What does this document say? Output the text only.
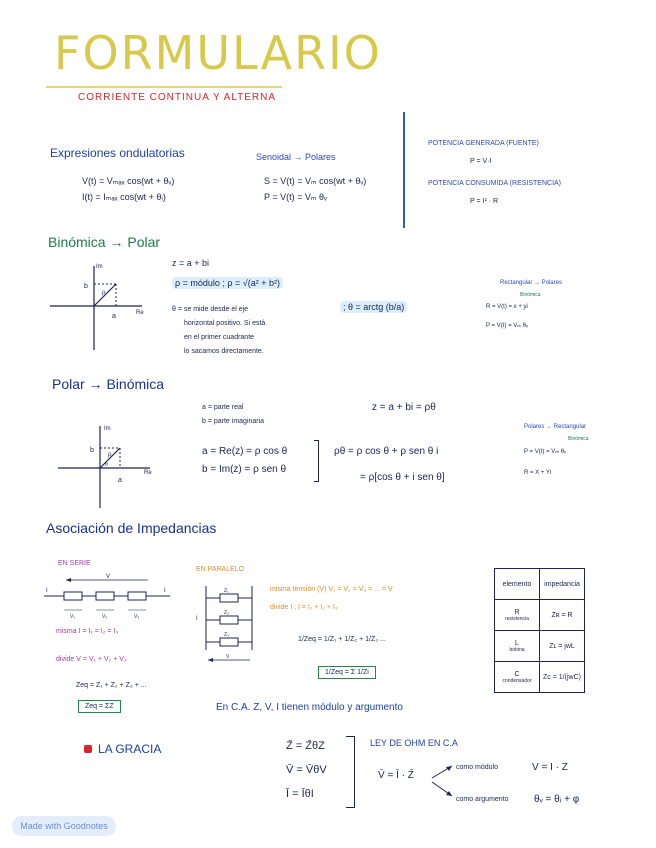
FORMULARIO
CORRIENTE CONTINUA Y ALTERNA
Expresiones ondulatorias
V(t) = Vₘₐₓ cos(wt + θᵥ)
I(t) = Iₘₐₓ cos(wt + θᵢ)
Senoidal → Polares
S = V(t) = Vₘ cos(wt + θᵥ)
P = V(t) = Vₘ θᵥ
POTENCIA GENERADA (FUENTE)
P = V·I
POTENCIA CONSUMIDA (RESISTENCIA)
P = I² · R
Binómica → Polar
Im
Re
b
a
ρ
z = a + bi
ρ = módulo ; ρ = √(a² + b²)
θ = se mide desde el eje
horizontal positivo. Si está
en el primer cuadrante
lo sacamos directamente.
; θ = arctg (b/a)
Rectangular → Polares
Binómica
R = V(t) = x + yi
P = V(t) = Vₘ θᵥ
Polar → Binómica
Im
Re
b
a
ρ
θ
a = parte real
b = parte imaginaria
z = a + bi = ρθ
a = Re(z) = ρ cos θ
b = Im(z) = ρ sen θ
ρθ = ρ cos θ + ρ sen θ i
= ρ[cos θ + i sen θ]
Polares → Rectangular
Binómica
P = V(t) = Vₘ θᵥ
R = X + Yi
Asociación de Impedancias
EN SERIE
V
I	I
V₁	V₂	V₃
misma I = I₁ = I₂ = I₃
divide V = V₁ + V₂ + V₃
Zeq = Z₁ + Z₂ + Z₃ + ...
Zeq = ΣZ
EN PARALELO
Z₁
Z₂
Z₃
I
V
misma tensión (V) V₁ = V₂ = V₃ = ... = V
divide I ; I = I₁ + I₂ + I₃
1/Zeq = 1/Z₁ + 1/Z₂ + 1/Z₃ ...
1/Zeq = Σ 1/Zi
elemento	impedancia

R
resistencia	Zʀ = R

L
bobina	Zʟ = jwL

C
condensador	Zᴄ = 1/(jwC)
En C.A. Z, V, I tienen módulo y argumento
LA GRACIA	Z̄ = Z̄θZ
V̄ = V̄θV
Ī = ĪθI
LEY DE OHM EN C.A
V̄ = Ī · Z̄
como módulo	V = I · Z
como argumento	θᵥ = θᵢ + φ
Made with Goodnotes
